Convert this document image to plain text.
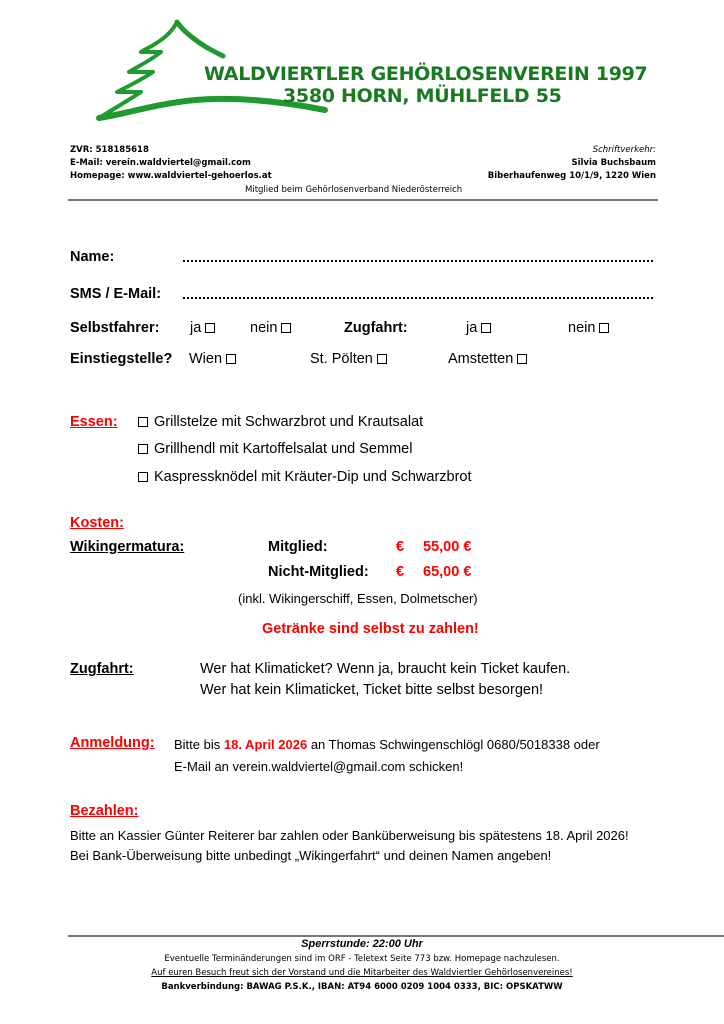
WALDVIERTLER GEHÖRLOSENVEREIN 1997
3580 HORN, MÜHLFELD 55
ZVR: 518185618
E-Mail: verein.waldviertel@gmail.com
Homepage: www.waldviertel-gehoerlos.at
Schriftverkehr:
Silvia Buchsbaum
Biberhaufenweg 10/1/9, 1220 Wien
Mitglied beim Gehörlosenverband Niederösterreich
Name:
SMS / E-Mail:
Selbstfahrer: ja	nein	Zugfahrt:	ja	nein
Einstiegstelle? Wien	St. Pölten	Amstetten
Essen:	Grillstelze mit Schwarzbrot und Krautsalat
Grillhendl mit Kartoffelsalat und Semmel
Kaspressknödel mit Kräuter-Dip und Schwarzbrot
Kosten:
Wikingermatura:	Mitglied:	€ 55,00 €
Nicht-Mitglied: € 65,00 €
(inkl. Wikingerschiff, Essen, Dolmetscher)
Getränke sind selbst zu zahlen!
Zugfahrt:	Wer hat Klimaticket? Wenn ja, braucht kein Ticket kaufen.
Wer hat kein Klimaticket, Ticket bitte selbst besorgen!
Anmeldung: Bitte bis 18. April 2026 an Thomas Schwingenschlögl 0680/5018338 oder
E-Mail an verein.waldviertel@gmail.com schicken!
Bezahlen:
Bitte an Kassier Günter Reiterer bar zahlen oder Banküberweisung bis spätestens 18. April 2026!
Bei Bank-Überweisung bitte unbedingt „Wikingerfahrt“ und deinen Namen angeben!
Sperrstunde: 22:00 Uhr
Eventuelle Terminänderungen sind im ORF - Teletext Seite 773 bzw. Homepage nachzulesen.
Auf euren Besuch freut sich der Vorstand und die Mitarbeiter des Waldviertler Gehörlosenvereines!
Bankverbindung: BAWAG P.S.K., IBAN: AT94 6000 0209 1004 0333, BIC: OPSKATWW
